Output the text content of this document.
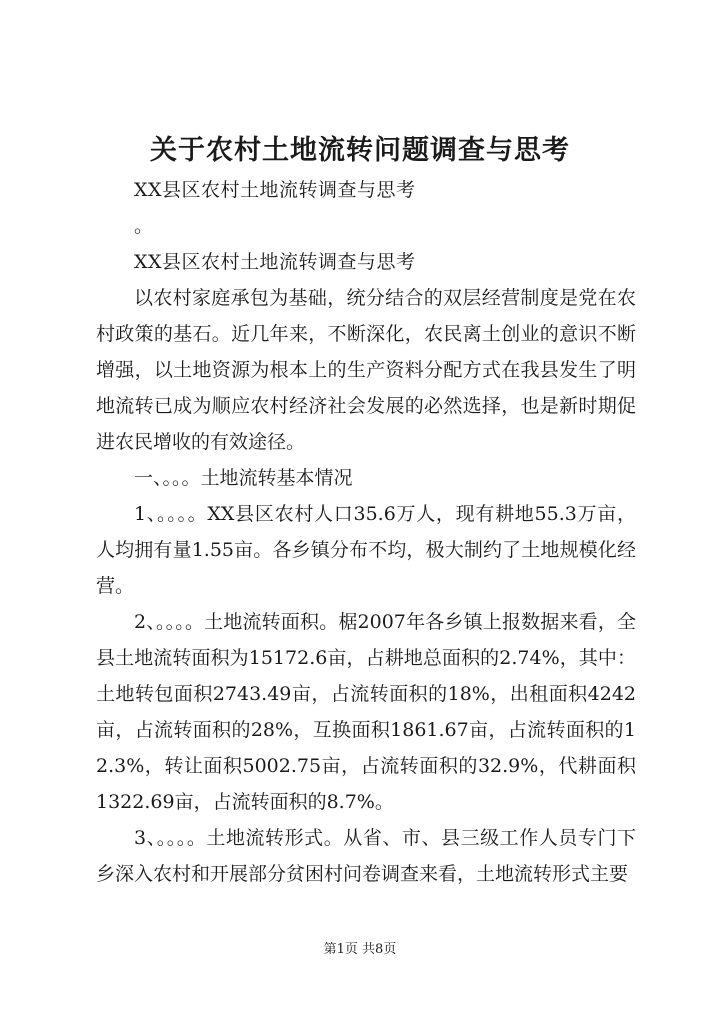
关于农村土地流转问题调查与思考

XX县区农村土地流转调查与思考

。

XX县区农村土地流转调查与思考

以农村家庭承包为基础，统分结合的双层经营制度是党在农村政策的基石。近几年来，不断深化，农民离土创业的意识不断增强，以土地资源为根本上的生产资料分配方式在我县发生了明地流转已成为顺应农村经济社会发展的必然选择，也是新时期促进农民增收的有效途径。

一、。。。土地流转基本情况

1、。。。。XX县区农村人口35.6万人，现有耕地55.3万亩，人均拥有量1.55亩。各乡镇分布不均，极大制约了土地规模化经营。

2、。。。。土地流转面积。椐2007年各乡镇上报数据来看，全县土地流转面积为15172.6亩，占耕地总面积的2.74%，其中：土地转包面积2743.49亩，占流转面积的18%，出租面积4242亩，占流转面积的28%，互换面积1861.67亩，占流转面积的12.3%，转让面积5002.75亩，占流转面积的32.9%，代耕面积1322.69亩，占流转面积的8.7%。

3、。。。。土地流转形式。从省、市、县三级工作人员专门下乡深入农村和开展部分贫困村问卷调查来看，土地流转形式主要

第1页 共8页
